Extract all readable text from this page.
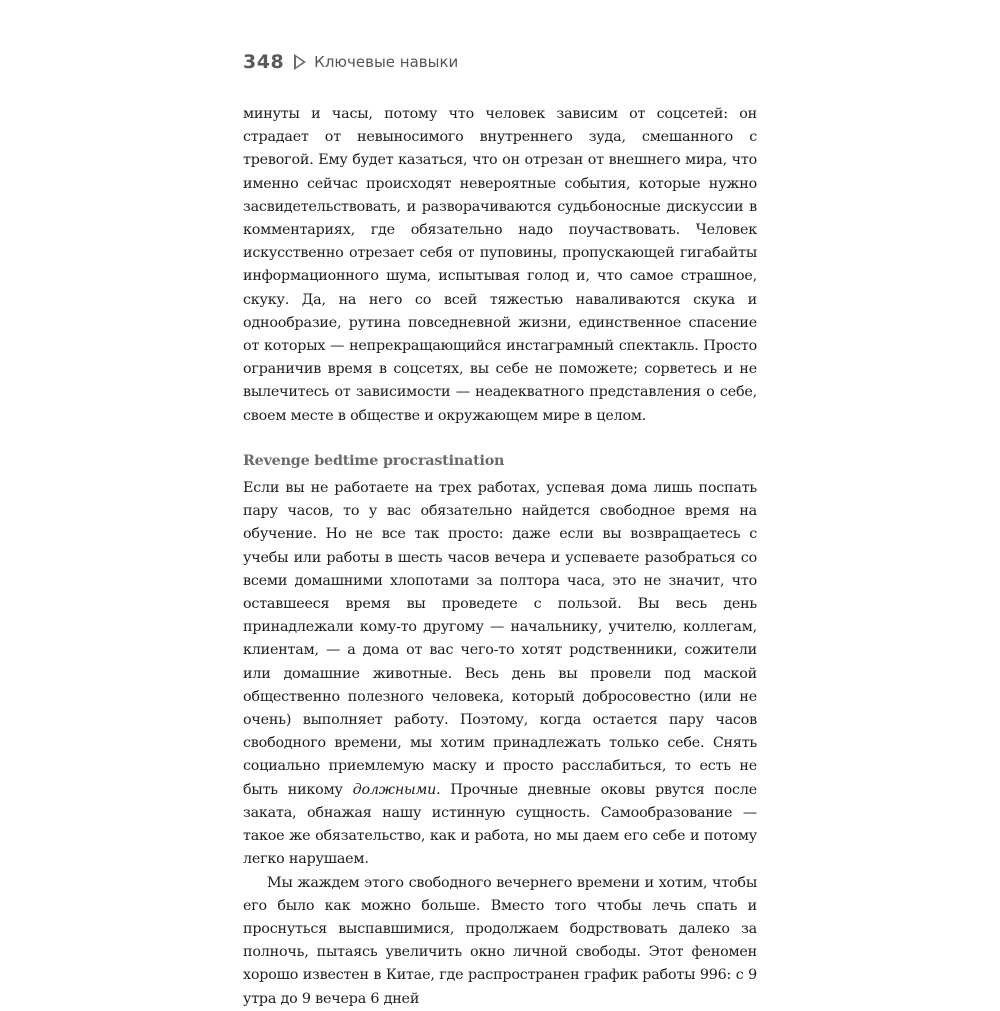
348 Ключевые навыки

минуты и часы, потому что человек зависим от соцсетей: он страдает от невыносимого внутреннего зуда, смешанного с тревогой. Ему будет казаться, что он отрезан от внешнего мира, что именно сейчас происходят невероятные события, которые нужно засвидетельствовать, и разворачиваются судьбоносные дискуссии в комментариях, где обязательно надо поучаствовать. Человек искусственно отрезает себя от пуповины, пропускающей гигабайты информационного шума, испытывая голод и, что самое страшное, скуку. Да, на него со всей тяжестью наваливаются скука и однообразие, рутина повседневной жизни, единственное спасение от которых — непрекращающийся инстаграмный спектакль. Просто ограничив время в соцсетях, вы себе не поможете; сорветесь и не вылечитесь от зависимости — неадекватного представления о себе, своем месте в обществе и окружающем мире в целом.

Revenge bedtime procrastination

Если вы не работаете на трех работах, успевая дома лишь поспать пару часов, то у вас обязательно найдется свободное время на обучение. Но не все так просто: даже если вы возвращаетесь с учебы или работы в шесть часов вечера и успеваете разобраться со всеми домашними хлопотами за полтора часа, это не значит, что оставшееся время вы проведете с пользой. Вы весь день принадлежали кому-то другому — начальнику, учителю, коллегам, клиентам, — а дома от вас чего-то хотят родственники, сожители или домашние животные. Весь день вы провели под маской общественно полезного человека, который добросовестно (или не очень) выполняет работу. Поэтому, когда остается пару часов свободного времени, мы хотим принадлежать только себе. Снять социально приемлемую маску и просто расслабиться, то есть не быть никому должными. Прочные дневные оковы рвутся после заката, обнажая нашу истинную сущность. Самообразование — такое же обязательство, как и работа, но мы даем его себе и потому легко нарушаем.

Мы жаждем этого свободного вечернего времени и хотим, чтобы его было как можно больше. Вместо того чтобы лечь спать и проснуться выспавшимися, продолжаем бодрствовать далеко за полночь, пытаясь увеличить окно личной свободы. Этот феномен хорошо известен в Китае, где распространен график работы 996: с 9 утра до 9 вечера 6 дней
